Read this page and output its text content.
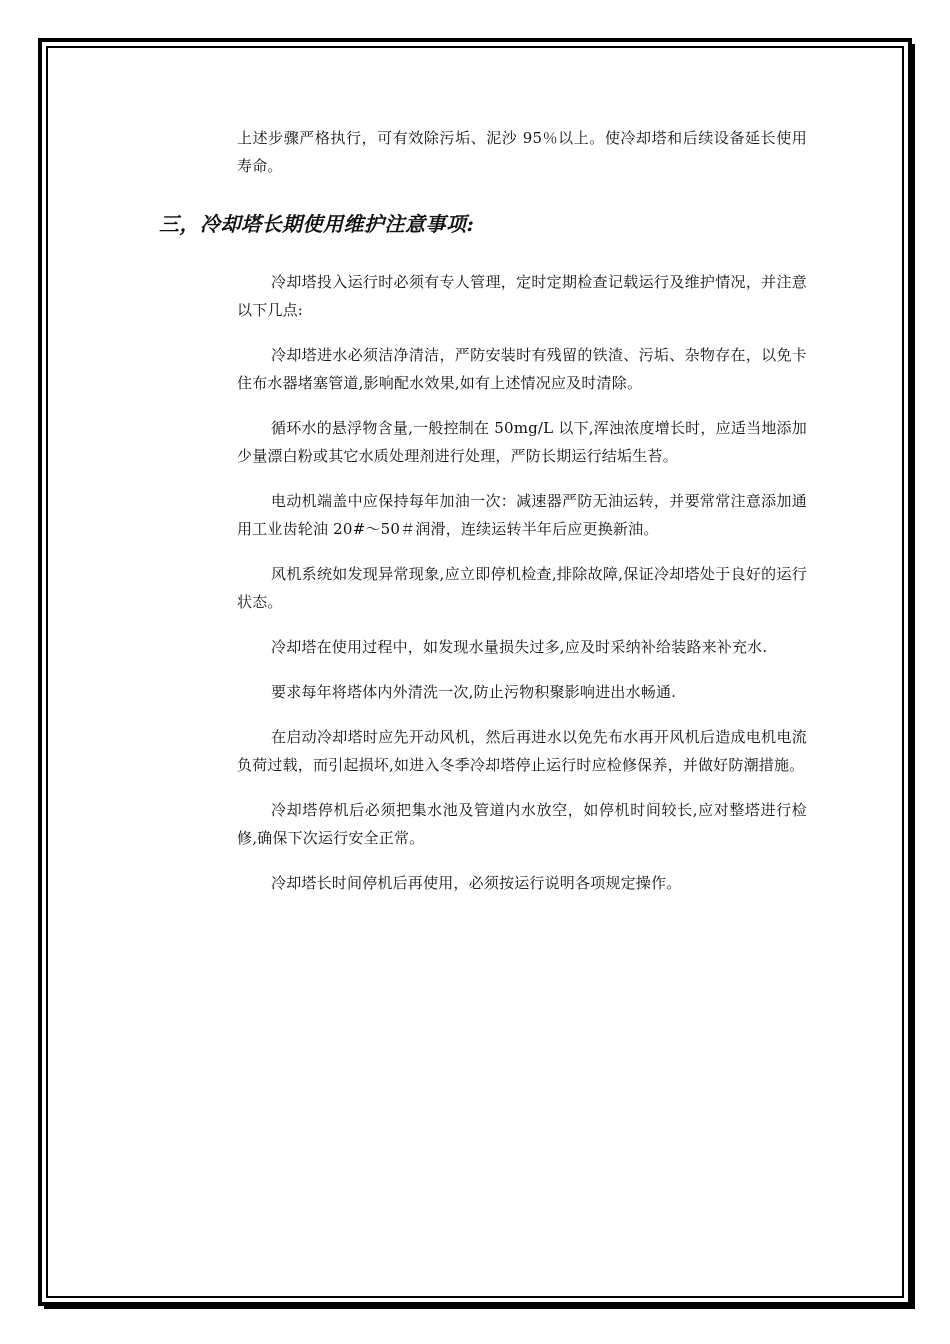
上述步骤严格执行，可有效除污垢、泥沙 95％以上。使冷却塔和后续设备延长使用寿命。

三，冷却塔长期使用维护注意事项:

冷却塔投入运行时必须有专人管理，定时定期检查记载运行及维护情况，并注意以下几点:

冷却塔进水必须洁净清洁，严防安装时有残留的铁渣、污垢、杂物存在，以免卡住布水器堵塞管道,影响配水效果,如有上述情况应及时清除。

循环水的悬浮物含量,一般控制在 50mg/L 以下,浑浊浓度增长时，应适当地添加少量漂白粉或其它水质处理剂进行处理，严防长期运行结垢生苔。

电动机端盖中应保持每年加油一次：减速器严防无油运转，并要常常注意添加通用工业齿轮油 20#～50＃润滑，连续运转半年后应更换新油。

风机系统如发现异常现象,应立即停机检查,排除故障,保证冷却塔处于良好的运行状态。

冷却塔在使用过程中，如发现水量损失过多,应及时采纳补给装路来补充水.

要求每年将塔体内外清洗一次,防止污物积聚影响进出水畅通.

在启动冷却塔时应先开动风机，然后再进水以免先布水再开风机后造成电机电流负荷过载，而引起损坏,如进入冬季冷却塔停止运行时应检修保养，并做好防潮措施。

冷却塔停机后必须把集水池及管道内水放空，如停机时间较长,应对整塔进行检修,确保下次运行安全正常。

冷却塔长时间停机后再使用，必须按运行说明各项规定操作。
